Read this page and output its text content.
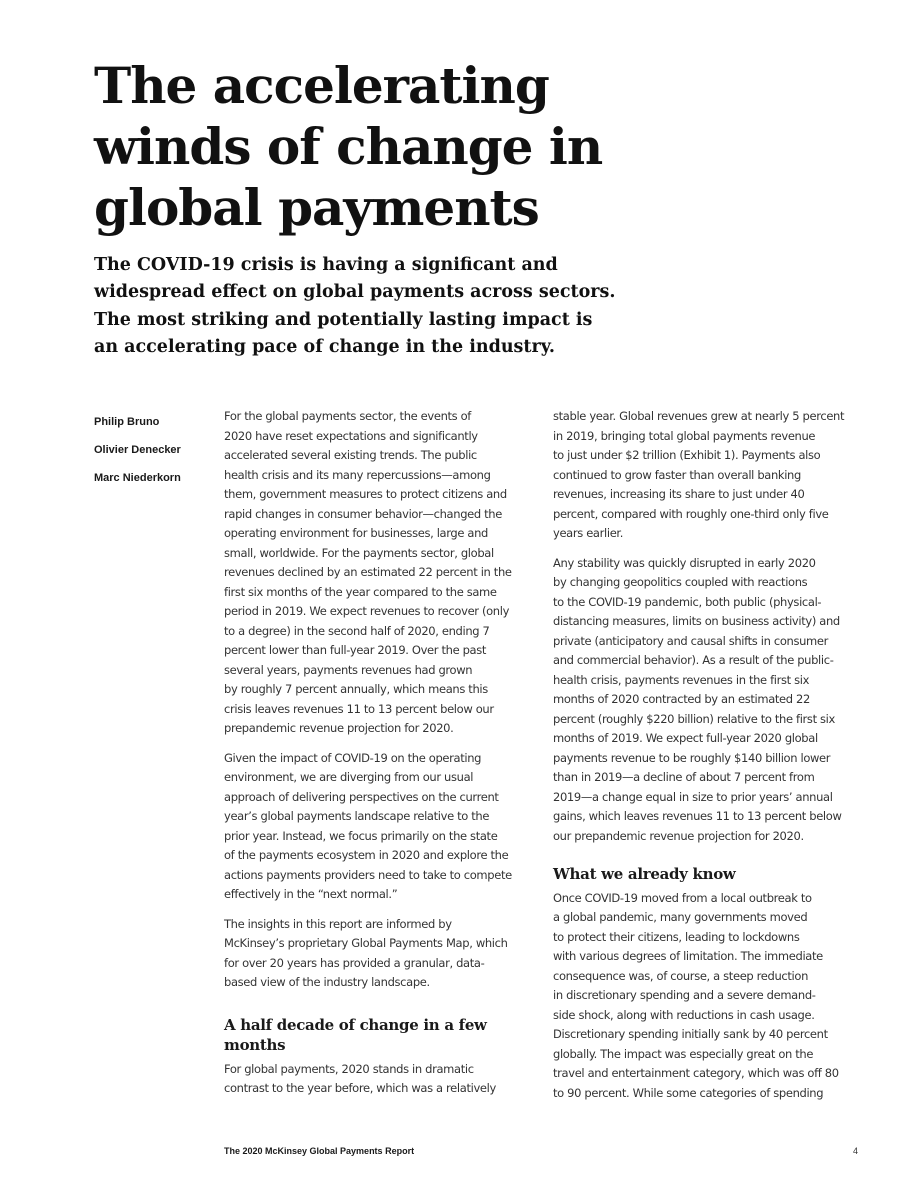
The accelerating
winds of change in
global payments

The COVID-19 crisis is having a significant and
widespread effect on global payments across sectors.
The most striking and potentially lasting impact is
an accelerating pace of change in the industry.

Philip Bruno
Olivier Denecker
Marc Niederkorn

For the global payments sector, the events of
2020 have reset expectations and significantly
accelerated several existing trends. The public
health crisis and its many repercussions—among
them, government measures to protect citizens and
rapid changes in consumer behavior—changed the
operating environment for businesses, large and
small, worldwide. For the payments sector, global
revenues declined by an estimated 22 percent in the
first six months of the year compared to the same
period in 2019. We expect revenues to recover (only
to a degree) in the second half of 2020, ending 7
percent lower than full-year 2019. Over the past
several years, payments revenues had grown
by roughly 7 percent annually, which means this
crisis leaves revenues 11 to 13 percent below our
prepandemic revenue projection for 2020.

Given the impact of COVID-19 on the operating
environment, we are diverging from our usual
approach of delivering perspectives on the current
year’s global payments landscape relative to the
prior year. Instead, we focus primarily on the state
of the payments ecosystem in 2020 and explore the
actions payments providers need to take to compete
effectively in the “next normal.”

The insights in this report are informed by
McKinsey’s proprietary Global Payments Map, which
for over 20 years has provided a granular, data-
based view of the industry landscape.

A half decade of change in a few
months

For global payments, 2020 stands in dramatic
contrast to the year before, which was a relatively

stable year. Global revenues grew at nearly 5 percent
in 2019, bringing total global payments revenue
to just under $2 trillion (Exhibit 1). Payments also
continued to grow faster than overall banking
revenues, increasing its share to just under 40
percent, compared with roughly one-third only five
years earlier.

Any stability was quickly disrupted in early 2020
by changing geopolitics coupled with reactions
to the COVID-19 pandemic, both public (physical-
distancing measures, limits on business activity) and
private (anticipatory and causal shifts in consumer
and commercial behavior). As a result of the public-
health crisis, payments revenues in the first six
months of 2020 contracted by an estimated 22
percent (roughly $220 billion) relative to the first six
months of 2019. We expect full-year 2020 global
payments revenue to be roughly $140 billion lower
than in 2019—a decline of about 7 percent from
2019—a change equal in size to prior years’ annual
gains, which leaves revenues 11 to 13 percent below
our prepandemic revenue projection for 2020.

What we already know

Once COVID-19 moved from a local outbreak to
a global pandemic, many governments moved
to protect their citizens, leading to lockdowns
with various degrees of limitation. The immediate
consequence was, of course, a steep reduction
in discretionary spending and a severe demand-
side shock, along with reductions in cash usage.
Discretionary spending initially sank by 40 percent
globally. The impact was especially great on the
travel and entertainment category, which was off 80
to 90 percent. While some categories of spending

The 2020 McKinsey Global Payments Report	4
